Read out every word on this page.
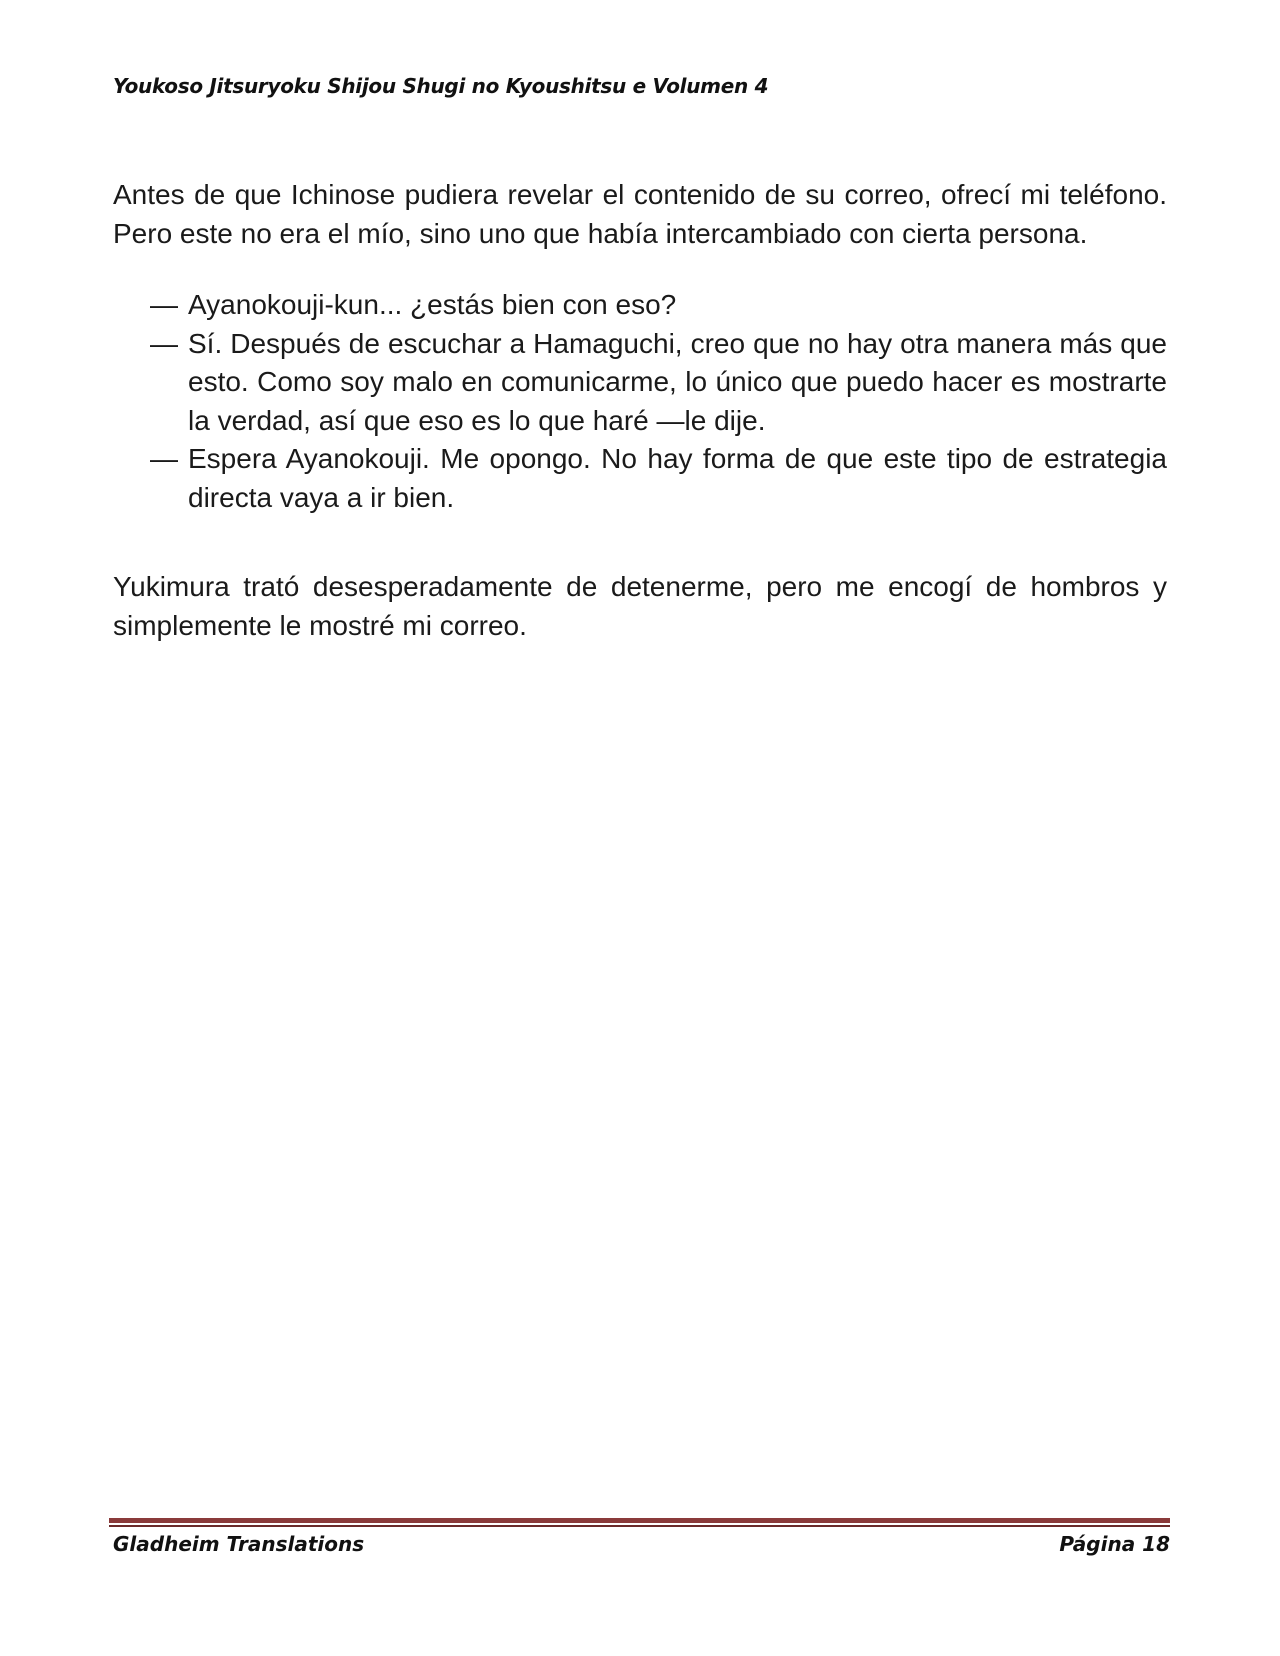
Youkoso Jitsuryoku Shijou Shugi no Kyoushitsu e Volumen 4

Antes de que Ichinose pudiera revelar el contenido de su correo, ofrecí mi teléfono. Pero este no era el mío, sino uno que había intercambiado con cierta persona.

— Ayanokouji-kun... ¿estás bien con eso?
— Sí. Después de escuchar a Hamaguchi, creo que no hay otra manera más que esto. Como soy malo en comunicarme, lo único que puedo hacer es mostrarte la verdad, así que eso es lo que haré —le dije.
— Espera Ayanokouji. Me opongo. No hay forma de que este tipo de estrategia directa vaya a ir bien.

Yukimura trató desesperadamente de detenerme, pero me encogí de hombros y simplemente le mostré mi correo.

Gladheim Translations	Página 18
